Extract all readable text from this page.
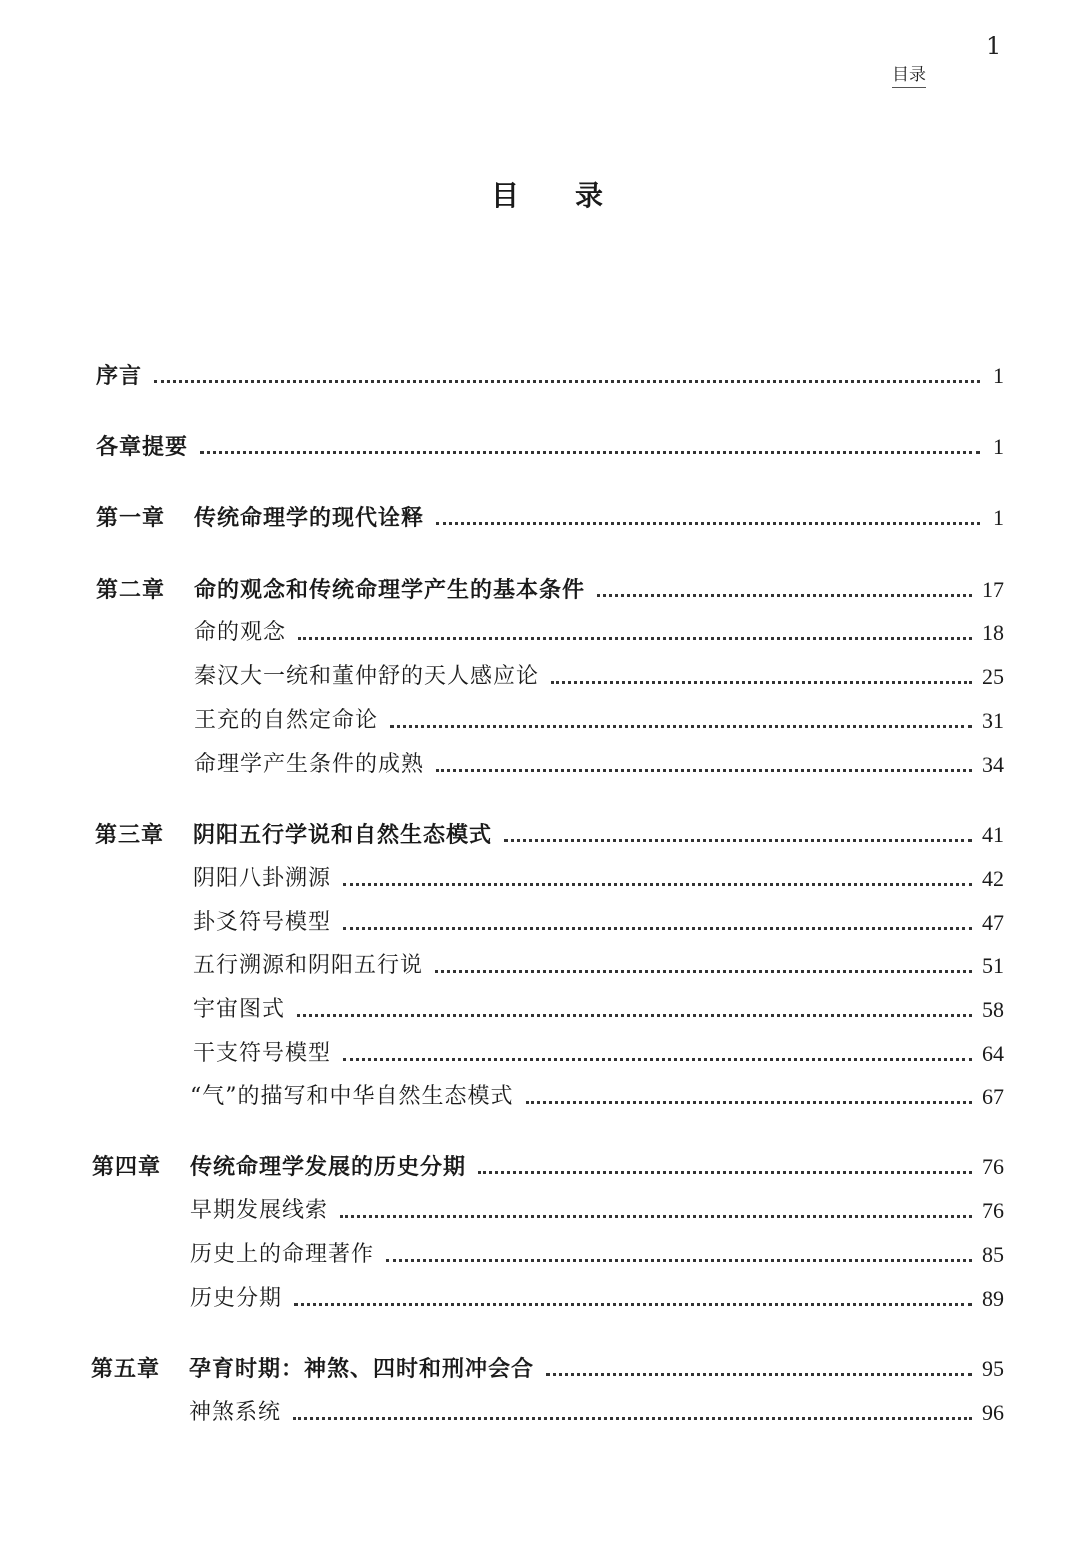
1
目录
目录
序言	1
各章提要	1
第一章	传统命理学的现代诠释	1
第二章	命的观念和传统命理学产生的基本条件	17
命的观念	18
秦汉大一统和董仲舒的天人感应论	25
王充的自然定命论	31
命理学产生条件的成熟	34
第三章	阴阳五行学说和自然生态模式	41
阴阳八卦溯源	42
卦爻符号模型	47
五行溯源和阴阳五行说	51
宇宙图式	58
干支符号模型	64
“气”的描写和中华自然生态模式	67
第四章	传统命理学发展的历史分期	76
早期发展线索	76
历史上的命理著作	85
历史分期	89
第五章	孕育时期：神煞、四时和刑冲会合	95
神煞系统	96
